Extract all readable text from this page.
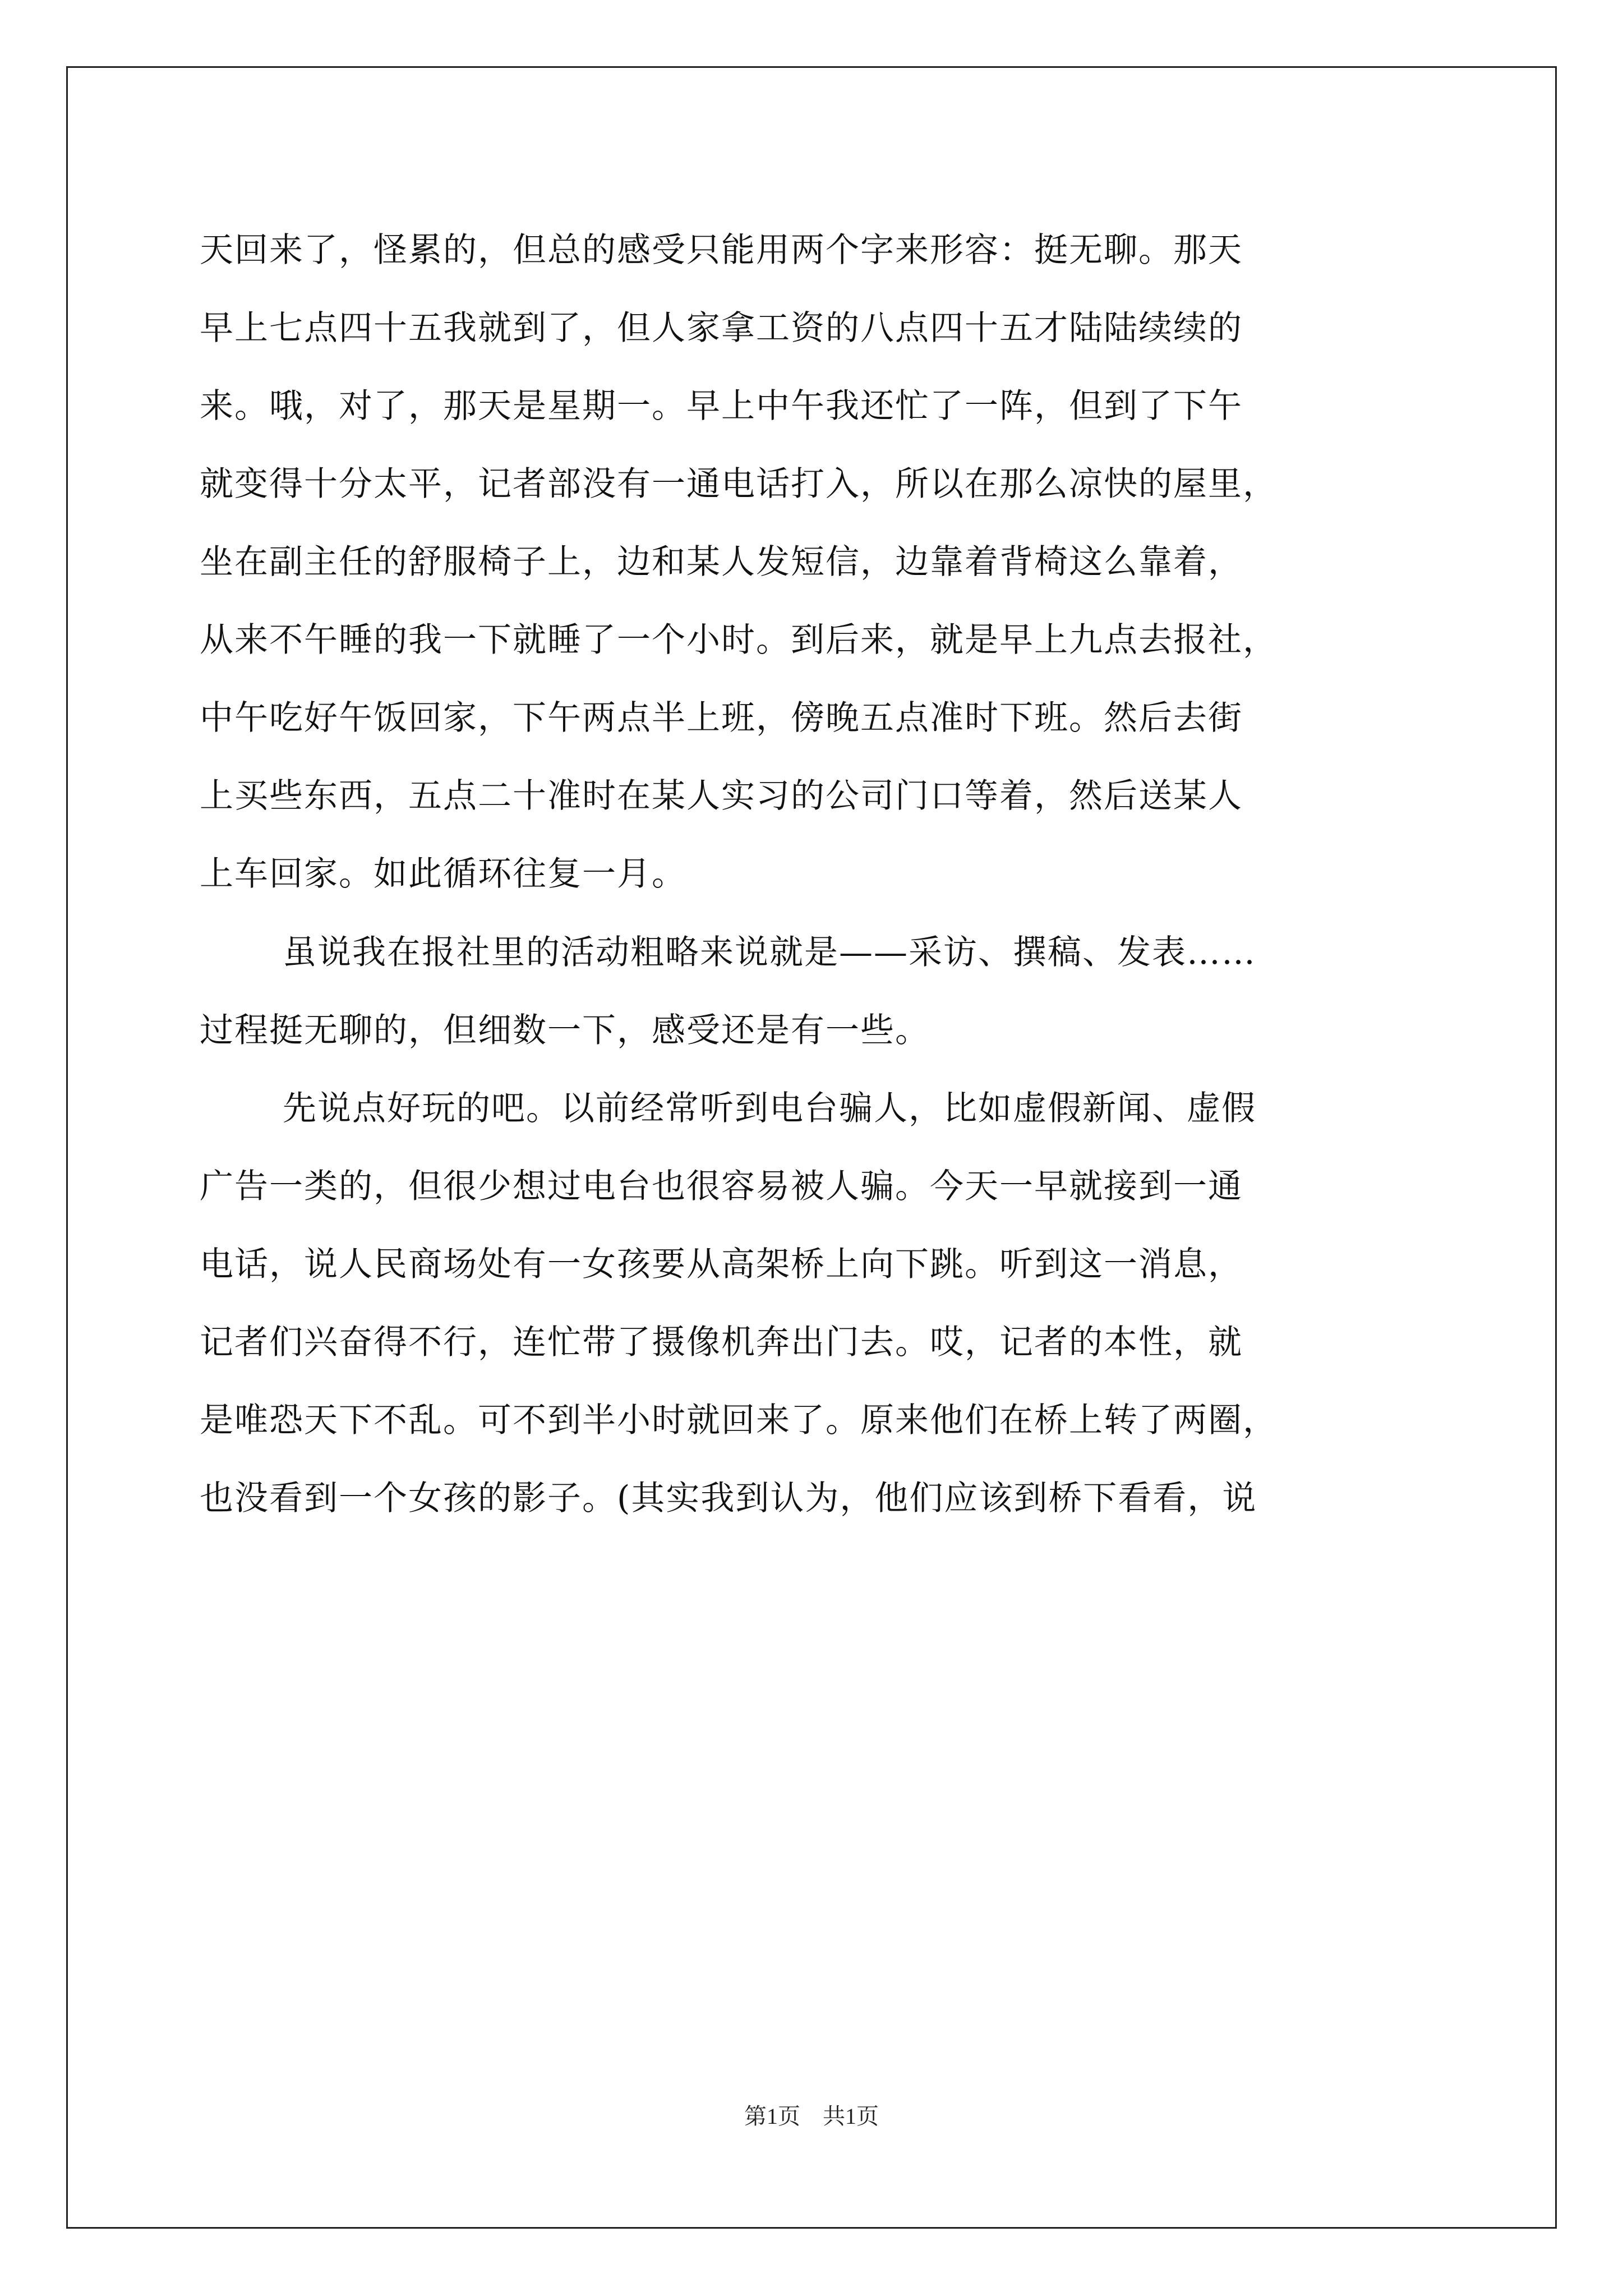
天回来了，怪累的，但总的感受只能用两个字来形容：挺无聊。那天
早上七点四十五我就到了，但人家拿工资的八点四十五才陆陆续续的
来。哦，对了，那天是星期一。早上中午我还忙了一阵，但到了下午
就变得十分太平，记者部没有一通电话打入，所以在那么凉快的屋里，
坐在副主任的舒服椅子上，边和某人发短信，边靠着背椅这么靠着，
从来不午睡的我一下就睡了一个小时。到后来，就是早上九点去报社，
中午吃好午饭回家，下午两点半上班，傍晚五点准时下班。然后去街
上买些东西，五点二十准时在某人实习的公司门口等着，然后送某人
上车回家。如此循环往复一月。
虽说我在报社里的活动粗略来说就是——采访、撰稿、发表……
过程挺无聊的，但细数一下，感受还是有一些。
先说点好玩的吧。以前经常听到电台骗人，比如虚假新闻、虚假
广告一类的，但很少想过电台也很容易被人骗。今天一早就接到一通
电话，说人民商场处有一女孩要从高架桥上向下跳。听到这一消息，
记者们兴奋得不行，连忙带了摄像机奔出门去。哎，记者的本性，就
是唯恐天下不乱。可不到半小时就回来了。原来他们在桥上转了两圈，
也没看到一个女孩的影子。(其实我到认为，他们应该到桥下看看，说
第1页 共1页
